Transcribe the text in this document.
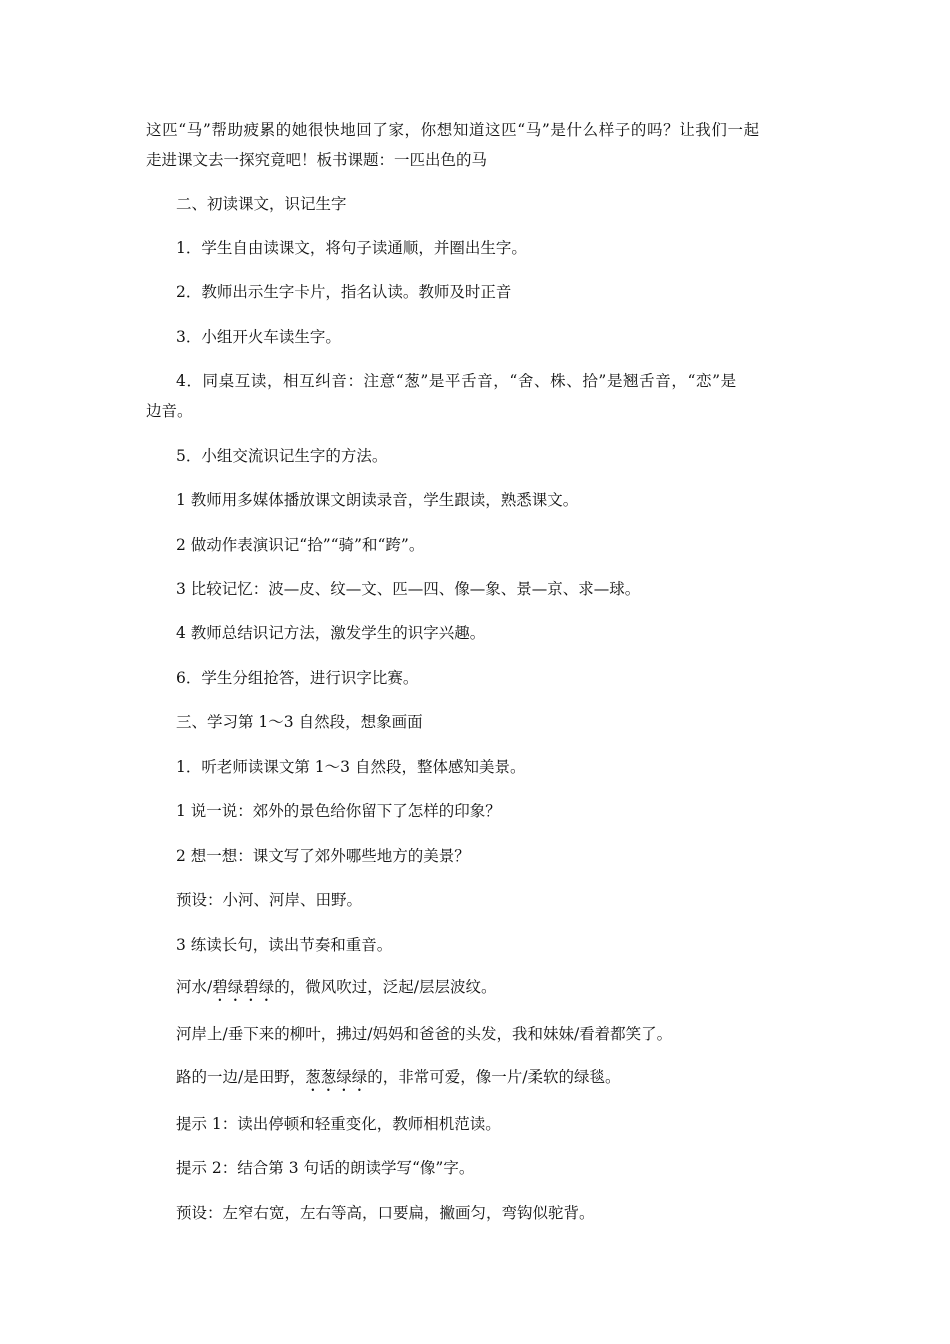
这匹“马”帮助疲累的她很快地回了家，你想知道这匹“马”是什么样子的吗？让我们一起
走进课文去一探究竟吧！板书课题：一匹出色的马
二、初读课文，识记生字
1．学生自由读课文，将句子读通顺，并圈出生字。
2．教师出示生字卡片，指名认读。教师及时正音
3．小组开火车读生字。
4．同桌互读，相互纠音：注意“葱”是平舌音，“舍、株、拾”是翘舌音，“恋”是
边音。
5．小组交流识记生字的方法。
1 教师用多媒体播放课文朗读录音，学生跟读，熟悉课文。
2 做动作表演识记“拾”“骑”和“跨”。
3 比较记忆：波—皮、纹—文、匹—四、像—象、景—京、求—球。
4 教师总结识记方法，激发学生的识字兴趣。
6．学生分组抢答，进行识字比赛。
三、学习第 1～3 自然段，想象画面
1．听老师读课文第 1～3 自然段，整体感知美景。
1 说一说：郊外的景色给你留下了怎样的印象？
2 想一想：课文写了郊外哪些地方的美景？
预设：小河、河岸、田野。
3 练读长句，读出节奏和重音。
河水/碧绿碧绿的，微风吹过，泛起/层层波纹。
河岸上/垂下来的柳叶，拂过/妈妈和爸爸的头发，我和妹妹/看着都笑了。
路的一边/是田野，葱葱绿绿的，非常可爱，像一片/柔软的绿毯。
提示 1：读出停顿和轻重变化，教师相机范读。
提示 2：结合第 3 句话的朗读学写“像”字。
预设：左窄右宽，左右等高，口要扁，撇画匀，弯钩似驼背。
